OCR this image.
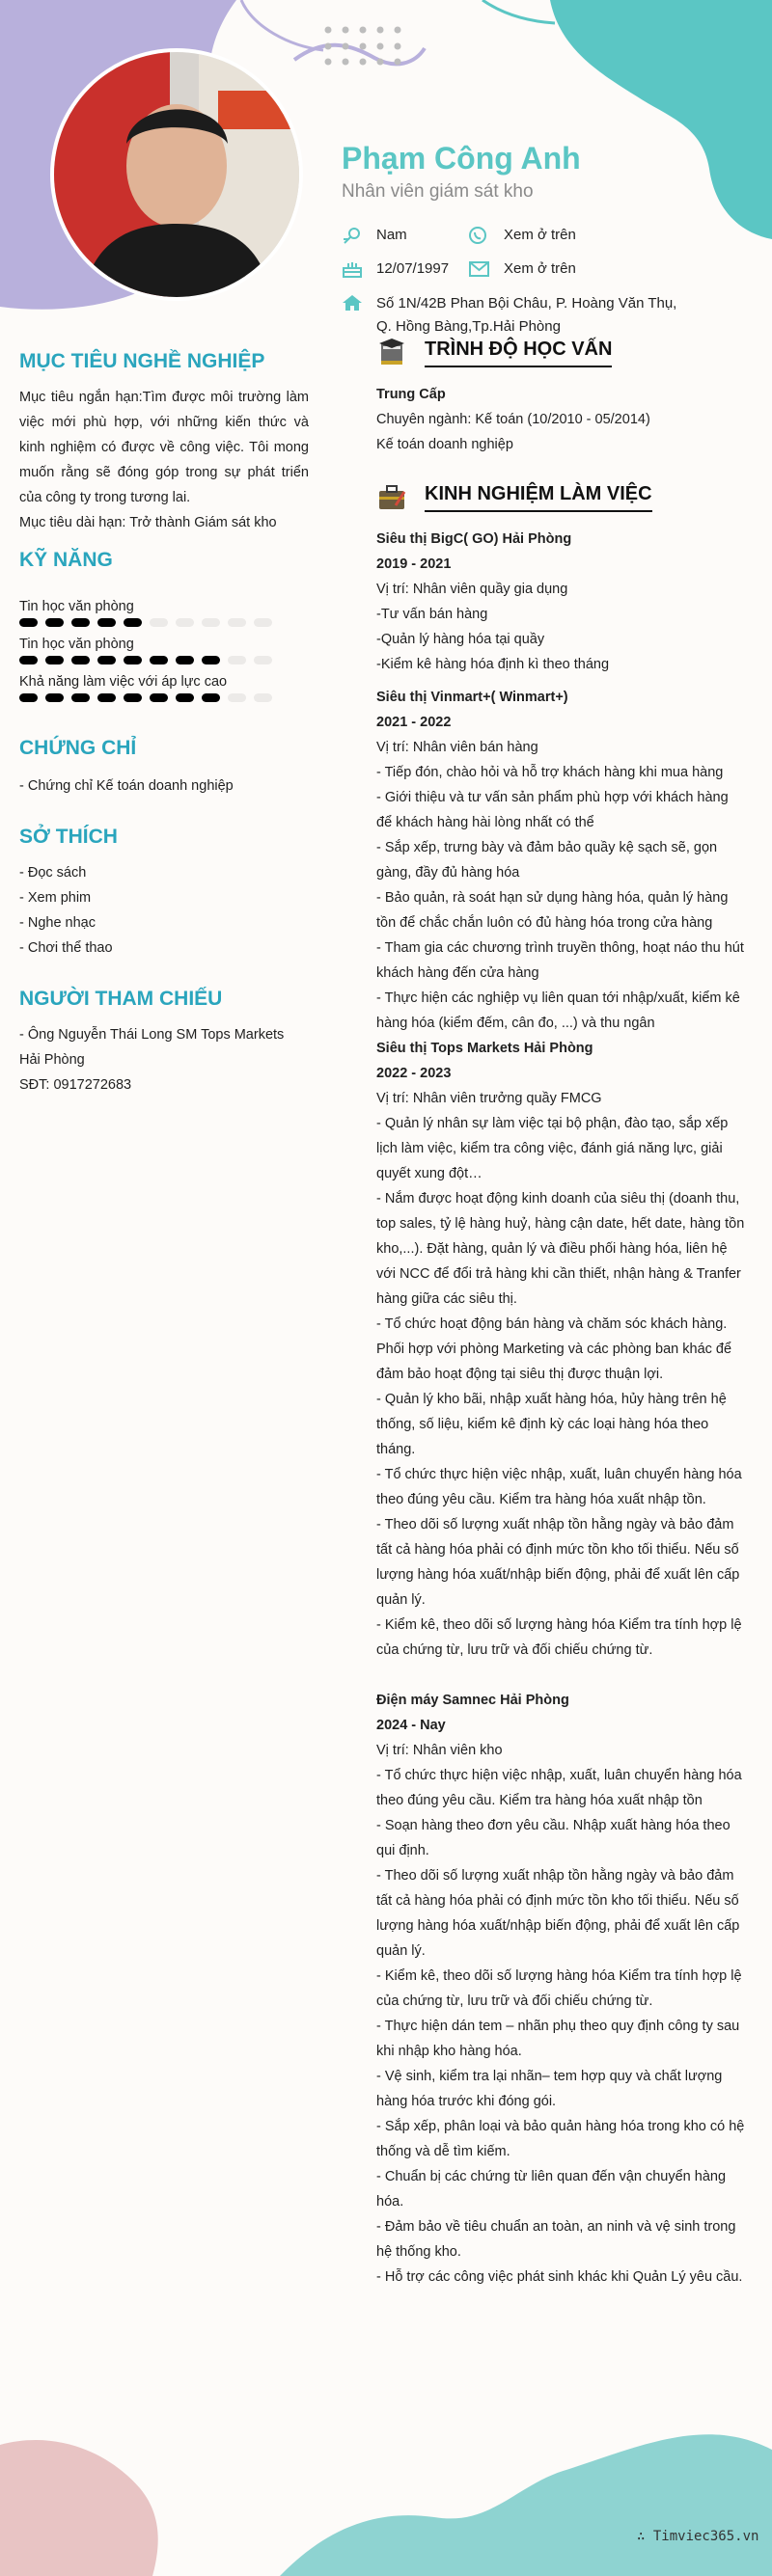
Phạm Công Anh
Nhân viên giám sát kho
Nam	Xem ở trên
12/07/1997	Xem ở trên
Số 1N/42B Phan Bội Châu, P. Hoàng Văn Thụ, Q. Hồng Bàng,Tp.Hải Phòng
MỤC TIÊU NGHỀ NGHIỆP
Mục tiêu ngắn hạn:Tìm được môi trường làm việc mới phù hợp, với những kiến thức và kinh nghiệm có được về công việc. Tôi mong muốn rằng sẽ đóng góp trong sự phát triển của công ty trong tương lai.
Mục tiêu dài hạn: Trở thành Giám sát kho
KỸ NĂNG
Tin học văn phòng
Tin học văn phòng
Khả năng làm việc với áp lực cao
CHỨNG CHỈ
- Chứng chỉ Kế toán doanh nghiệp
SỞ THÍCH
- Đọc sách
- Xem phim
- Nghe nhạc
- Chơi thể thao
NGƯỜI THAM CHIẾU
- Ông Nguyễn Thái Long SM Tops Markets Hải Phòng
SĐT: 0917272683
TRÌNH ĐỘ HỌC VẤN
Trung Cấp
Chuyên ngành: Kế toán (10/2010 - 05/2014)
Kế toán doanh nghiệp
KINH NGHIỆM LÀM VIỆC
Siêu thị BigC( GO) Hải Phòng
2019 - 2021
Vị trí: Nhân viên quầy gia dụng
-Tư vấn bán hàng
-Quản lý hàng hóa tại quầy
-Kiểm kê hàng hóa định kì theo tháng
Siêu thị Vinmart+( Winmart+)
2021 - 2022
Vị trí: Nhân viên bán hàng
- Tiếp đón, chào hỏi và hỗ trợ khách hàng khi mua hàng
- Giới thiệu và tư vấn sản phẩm phù hợp với khách hàng để khách hàng hài lòng nhất có thể
- Sắp xếp, trưng bày và đảm bảo quầy kệ sạch sẽ, gọn gàng, đầy đủ hàng hóa
- Bảo quản, rà soát hạn sử dụng hàng hóa, quản lý hàng tồn để chắc chắn luôn có đủ hàng hóa trong cửa hàng
- Tham gia các chương trình truyền thông, hoạt náo thu hút khách hàng đến cửa hàng
- Thực hiện các nghiệp vụ liên quan tới nhập/xuất, kiểm kê hàng hóa (kiểm đếm, cân đo, ...) và thu ngân
Siêu thị Tops Markets Hải Phòng
2022 - 2023
Vị trí: Nhân viên trưởng quầy FMCG
- Quản lý nhân sự làm việc tại bộ phận, đào tạo, sắp xếp lịch làm việc, kiểm tra công việc, đánh giá năng lực, giải quyết xung đột…
- Nắm được hoạt động kinh doanh của siêu thị (doanh thu, top sales, tỷ lệ hàng huỷ, hàng cận date, hết date, hàng tồn kho,...). Đặt hàng, quản lý và điều phối hàng hóa, liên hệ với NCC để đổi trả hàng khi cần thiết, nhận hàng & Tranfer hàng giữa các siêu thị.
- Tổ chức hoạt động bán hàng và chăm sóc khách hàng. Phối hợp với phòng Marketing và các phòng ban khác để đảm bảo hoạt động tại siêu thị được thuận lợi.
- Quản lý kho bãi, nhập xuất hàng hóa, hủy hàng trên hệ thống, số liệu, kiểm kê định kỳ các loại hàng hóa theo tháng.
- Tổ chức thực hiện việc nhập, xuất, luân chuyển hàng hóa theo đúng yêu cầu. Kiểm tra hàng hóa xuất nhập tồn.
- Theo dõi số lượng xuất nhập tồn hằng ngày và bảo đảm tất cả hàng hóa phải có định mức tồn kho tối thiểu. Nếu số lượng hàng hóa xuất/nhập biến động, phải để xuất lên cấp quản lý.
- Kiểm kê, theo dõi số lượng hàng hóa Kiểm tra tính hợp lệ của chứng từ, lưu trữ và đối chiếu chứng từ.
Điện máy Samnec Hải Phòng
2024 - Nay
Vị trí: Nhân viên kho
- Tổ chức thực hiện việc nhập, xuất, luân chuyển hàng hóa theo đúng yêu cầu. Kiểm tra hàng hóa xuất nhập tồn
- Soạn hàng theo đơn yêu cầu. Nhập xuất hàng hóa theo qui định.
- Theo dõi số lượng xuất nhập tồn hằng ngày và bảo đảm tất cả hàng hóa phải có định mức tồn kho tối thiểu. Nếu số lượng hàng hóa xuất/nhập biến động, phải để xuất lên cấp quản lý.
- Kiểm kê, theo dõi số lượng hàng hóa Kiểm tra tính hợp lệ của chứng từ, lưu trữ và đối chiếu chứng từ.
- Thực hiện dán tem – nhãn phụ theo quy định công ty sau khi nhập kho hàng hóa.
- Vệ sinh, kiểm tra lại nhãn– tem hợp quy và chất lượng hàng hóa trước khi đóng gói.
- Sắp xếp, phân loại và bảo quản hàng hóa trong kho có hệ thống và dễ tìm kiếm.
- Chuẩn bị các chứng từ liên quan đến vận chuyển hàng hóa.
- Đảm bảo về tiêu chuẩn an toàn, an ninh và vệ sinh trong hệ thống kho.
- Hỗ trợ các công việc phát sinh khác khi Quản Lý yêu cầu.
∴ Timviec365.vn
